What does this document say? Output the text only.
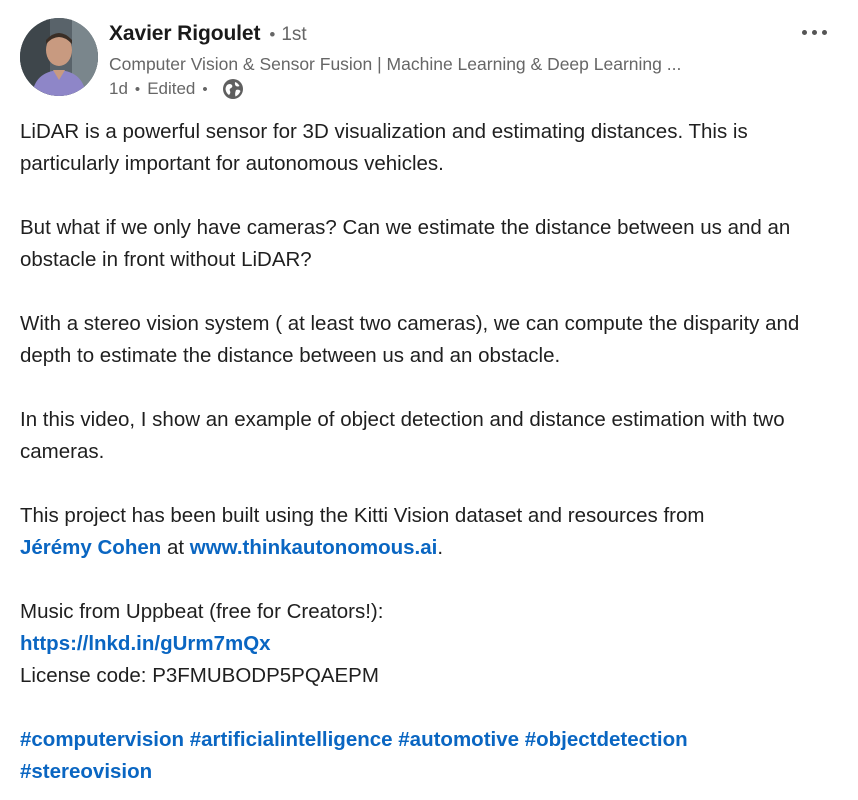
Xavier Rigoulet • 1st
Computer Vision & Sensor Fusion | Machine Learning & Deep Learning ...
1d • Edited •

LiDAR is a powerful sensor for 3D visualization and estimating distances. This is particularly important for autonomous vehicles.

But what if we only have cameras? Can we estimate the distance between us and an obstacle in front without LiDAR?

With a stereo vision system ( at least two cameras), we can compute the disparity and depth to estimate the distance between us and an obstacle.

In this video, I show an example of object detection and distance estimation with two cameras.

This project has been built using the Kitti Vision dataset and resources from
Jérémy Cohen at www.thinkautonomous.ai.

Music from Uppbeat (free for Creators!):
https://lnkd.in/gUrm7mQx
License code: P3FMUBODP5PQAEPM

#computervision #artificialintelligence #automotive #objectdetection
#stereovision
